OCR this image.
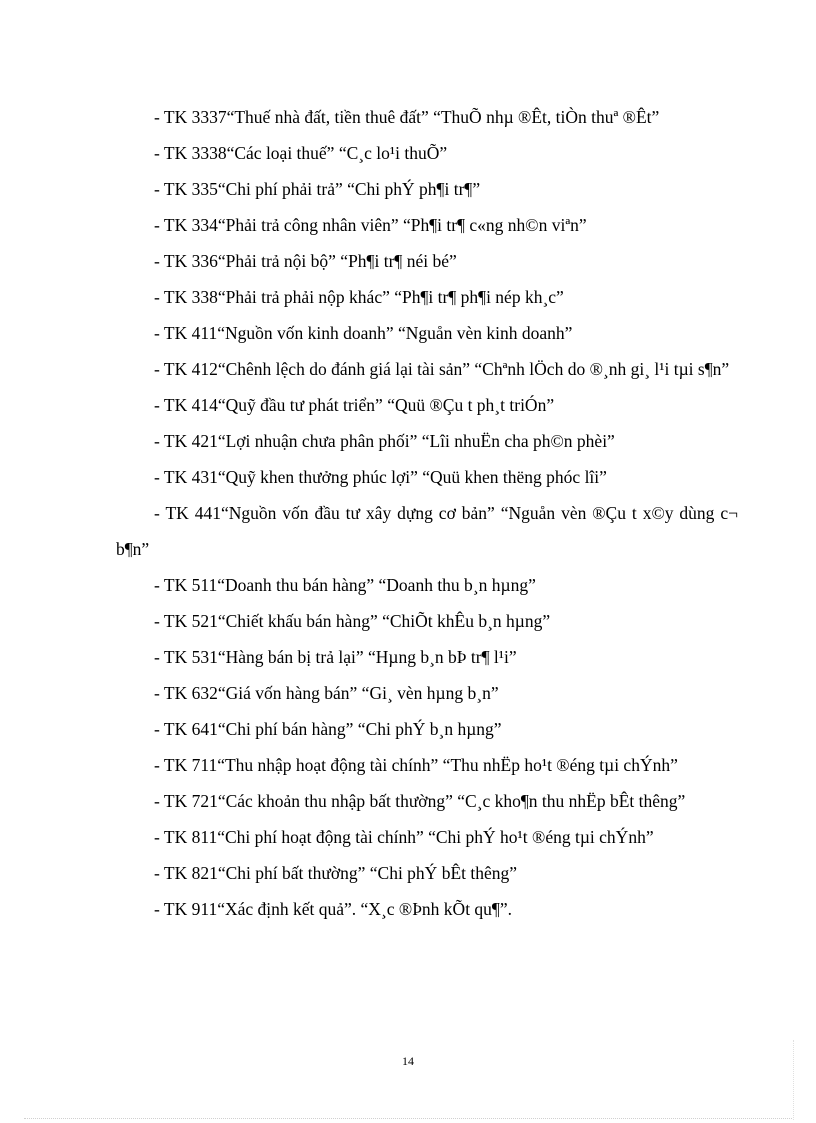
- TK 3337“Thuế nhà đất, tiền thuê đất” “ThuÕ nhµ ®Êt, tiÒn thuª ®Êt”

- TK 3338“Các loại thuế” “C¸c lo¹i thuÕ”

- TK 335“Chi phí phải trả” “Chi phÝ ph¶i tr¶”

- TK 334“Phải trả công nhân viên” “Ph¶i tr¶ c«ng nh©n viªn”

- TK 336“Phải trả nội bộ” “Ph¶i tr¶ néi bé”

- TK 338“Phải trả phải nộp khác” “Ph¶i tr¶ ph¶i nép kh¸c”

- TK 411“Nguồn vốn kinh doanh” “Nguån vèn kinh doanh”

- TK 412“Chênh lệch do đánh giá lại tài sản” “Chªnh lÖch do ®¸nh gi¸ l¹i tµi s¶n”

- TK 414“Quỹ đầu tư phát triển” “Quü ®Çu t ph¸t triÓn”

- TK 421“Lợi nhuận chưa phân phối” “Lîi nhuËn cha ph©n phèi”

- TK 431“Quỹ khen thưởng phúc lợi” “Quü khen thëng phóc lîi”

- TK 441“Nguồn vốn đầu tư xây dựng cơ bản” “Nguån vèn ®Çu t x©y dùng c¬ b¶n”

- TK 511“Doanh thu bán hàng” “Doanh thu b¸n hµng”

- TK 521“Chiết khấu bán hàng” “ChiÕt khÊu b¸n hµng”

- TK 531“Hàng bán bị trả lại” “Hµng b¸n bÞ tr¶ l¹i”

- TK 632“Giá vốn hàng bán” “Gi¸ vèn hµng b¸n”

- TK 641“Chi phí bán hàng” “Chi phÝ b¸n hµng”

- TK 711“Thu nhập hoạt động tài chính” “Thu nhËp ho¹t ®éng tµi chÝnh”

- TK 721“Các khoản thu nhập bất thường” “C¸c kho¶n thu nhËp bÊt thêng”

- TK 811“Chi phí hoạt động tài chính” “Chi phÝ ho¹t ®éng tµi chÝnh”

- TK 821“Chi phí bất thường” “Chi phÝ bÊt thêng”

- TK 911“Xác định kết quả”. “X¸c ®Þnh kÕt qu¶”.

14
